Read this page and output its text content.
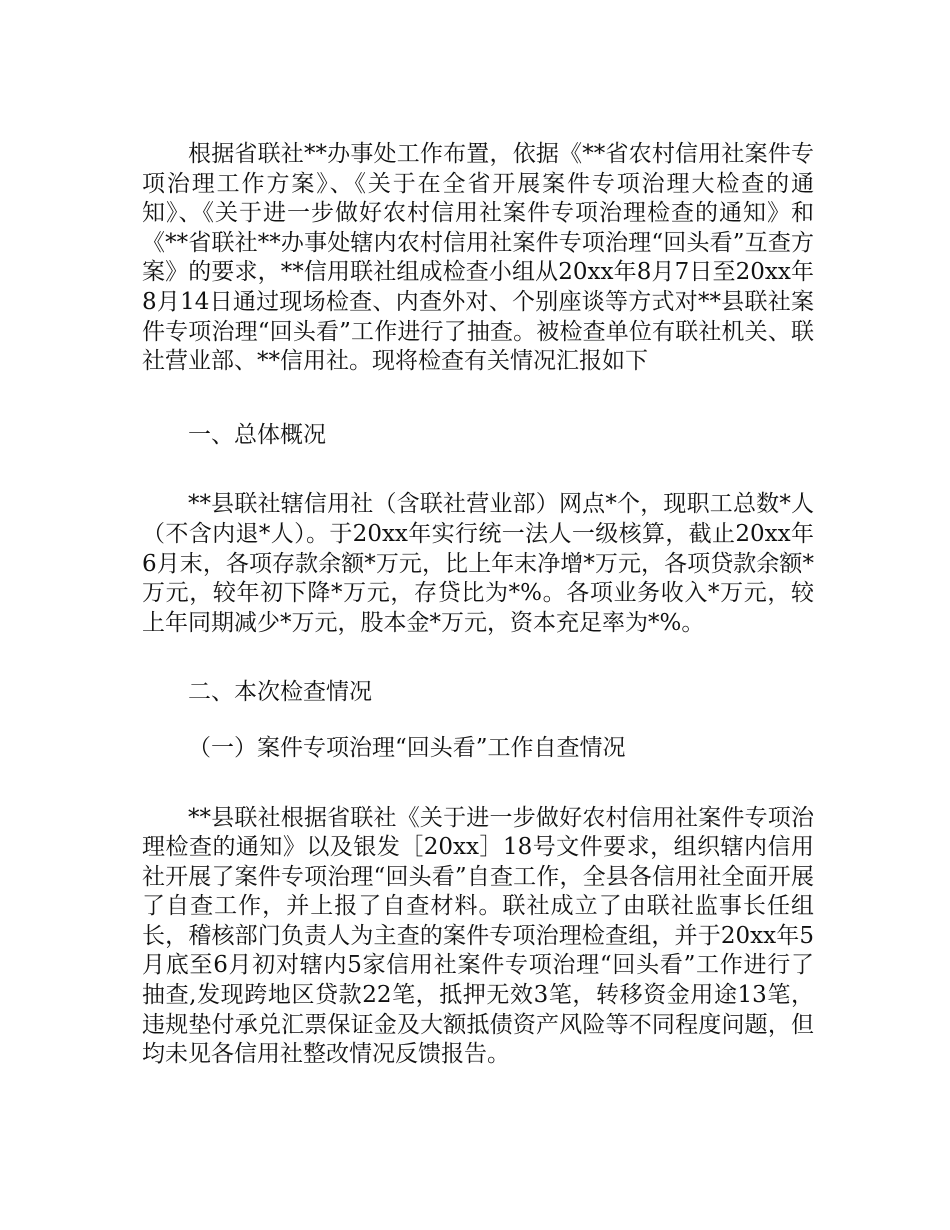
根据省联社**办事处工作布置，依据《**省农村信用社案件专项治理工作方案》、《关于在全省开展案件专项治理大检查的通知》、《关于进一步做好农村信用社案件专项治理检查的通知》和《**省联社**办事处辖内农村信用社案件专项治理“回头看”互查方案》的要求，**信用联社组成检查小组从20xx年8月7日至20xx年8月14日通过现场检查、内查外对、个别座谈等方式对**县联社案件专项治理“回头看”工作进行了抽查。被检查单位有联社机关、联社营业部、**信用社。现将检查有关情况汇报如下

一、总体概况

**县联社辖信用社（含联社营业部）网点*个，现职工总数*人（不含内退*人）。于20xx年实行统一法人一级核算，截止20xx年6月末，各项存款余额*万元，比上年末净增*万元，各项贷款余额*万元，较年初下降*万元，存贷比为*%。各项业务收入*万元，较上年同期减少*万元，股本金*万元，资本充足率为*%。

二、本次检查情况

（一）案件专项治理“回头看”工作自查情况

**县联社根据省联社《关于进一步做好农村信用社案件专项治理检查的通知》以及银发［20xx］18号文件要求，组织辖内信用社开展了案件专项治理“回头看”自查工作，全县各信用社全面开展了自查工作，并上报了自查材料。联社成立了由联社监事长任组长，稽核部门负责人为主查的案件专项治理检查组，并于20xx年5月底至6月初对辖内5家信用社案件专项治理“回头看”工作进行了抽查,发现跨地区贷款22笔，抵押无效3笔，转移资金用途13笔，违规垫付承兑汇票保证金及大额抵债资产风险等不同程度问题，但均未见各信用社整改情况反馈报告。
